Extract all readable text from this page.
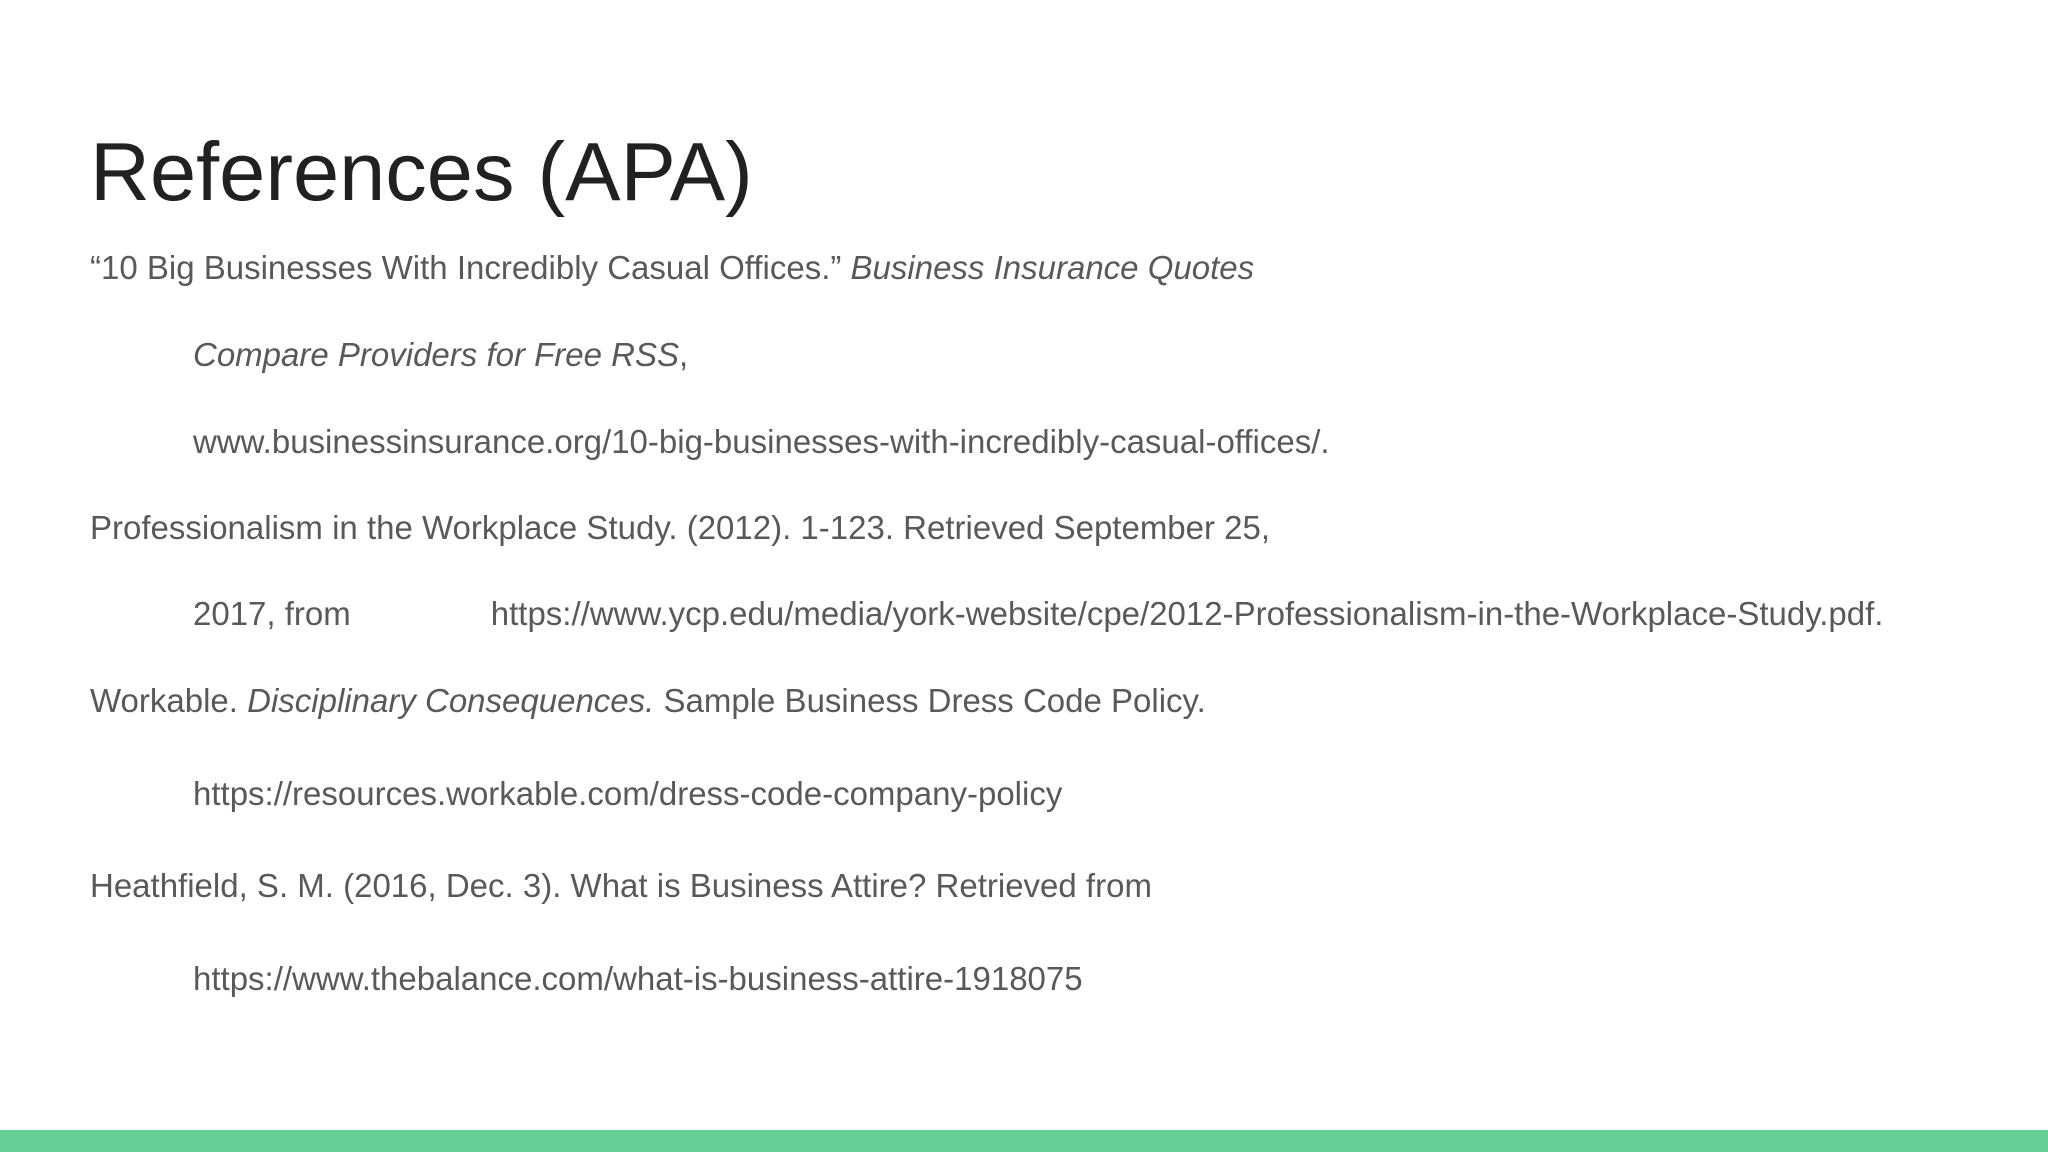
References (APA)

“10 Big Businesses With Incredibly Casual Offices.” Business Insurance Quotes

Compare Providers for Free RSS,

www.businessinsurance.org/10-big-businesses-with-incredibly-casual-offices/.

Professionalism in the Workplace Study. (2012). 1-123. Retrieved September 25,

2017, from	https://www.ycp.edu/media/york-website/cpe/2012-Professionalism-in-the-Workplace-Study.pdf.

Workable. Disciplinary Consequences. Sample Business Dress Code Policy.

https://resources.workable.com/dress-code-company-policy

Heathfield, S. M. (2016, Dec. 3). What is Business Attire? Retrieved from

https://www.thebalance.com/what-is-business-attire-1918075
